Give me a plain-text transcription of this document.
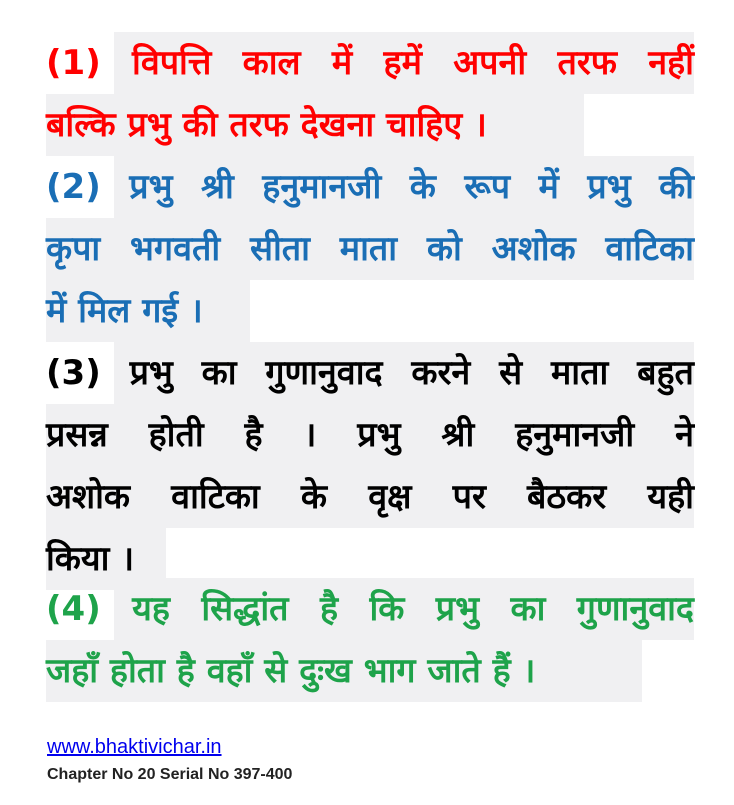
(1) विपत्ति काल में हमें अपनी तरफ नहीं
बल्कि प्रभु की तरफ देखना चाहिए ।
(2) प्रभु श्री हनुमानजी के रूप में प्रभु की
कृपा भगवती सीता माता को अशोक वाटिका
में मिल गई ।
(3) प्रभु का गुणानुवाद करने से माता बहुत
प्रसन्न होती है । प्रभु श्री हनुमानजी ने
अशोक वाटिका के वृक्ष पर बैठकर यही
किया ।
(4) यह सिद्धांत है कि प्रभु का गुणानुवाद
जहाँ होता है वहाँ से दुःख भाग जाते हैं ।
www.bhaktivichar.in
Chapter No 20 Serial No 397-400
